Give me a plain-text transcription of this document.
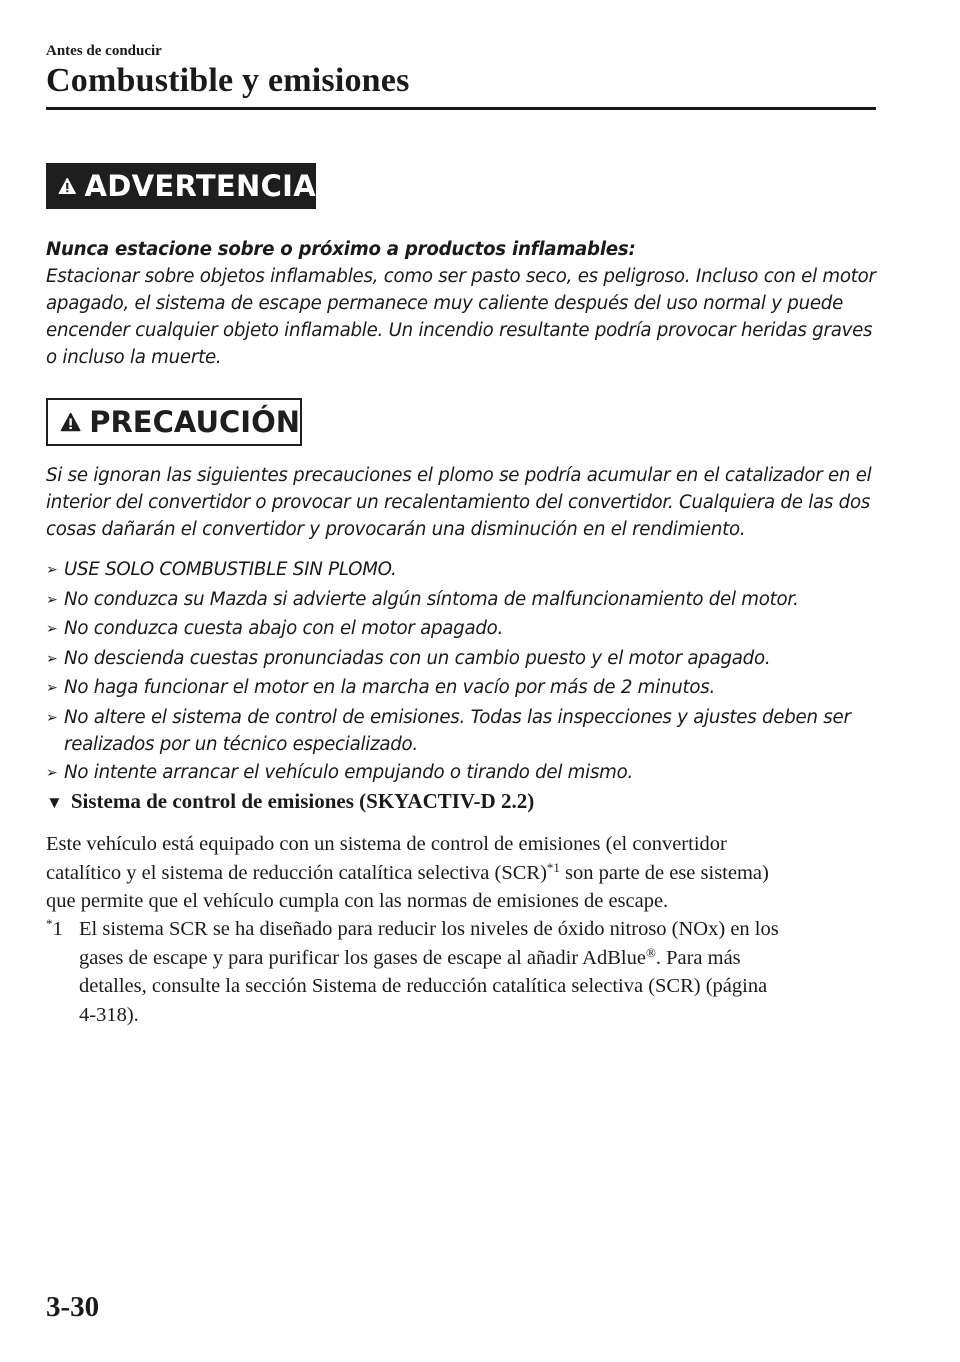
Antes de conducir
Combustible y emisiones
ADVERTENCIA
Nunca estacione sobre o próximo a productos inflamables:
Estacionar sobre objetos inflamables, como ser pasto seco, es peligroso. Incluso con el motor
apagado, el sistema de escape permanece muy caliente después del uso normal y puede
encender cualquier objeto inflamable. Un incendio resultante podría provocar heridas graves
o incluso la muerte.
PRECAUCIÓN
Si se ignoran las siguientes precauciones el plomo se podría acumular en el catalizador en el
interior del convertidor o provocar un recalentamiento del convertidor. Cualquiera de las dos
cosas dañarán el convertidor y provocarán una disminución en el rendimiento.
➢ USE SOLO COMBUSTIBLE SIN PLOMO.
➢ No conduzca su Mazda si advierte algún síntoma de malfuncionamiento del motor.
➢ No conduzca cuesta abajo con el motor apagado.
➢ No descienda cuestas pronunciadas con un cambio puesto y el motor apagado.
➢ No haga funcionar el motor en la marcha en vacío por más de 2 minutos.
➢ No altere el sistema de control de emisiones. Todas las inspecciones y ajustes deben ser realizados por un técnico especializado.
➢ No intente arrancar el vehículo empujando o tirando del mismo.
▼ Sistema de control de emisiones (SKYACTIV-D 2.2)
Este vehículo está equipado con un sistema de control de emisiones (el convertidor
catalítico y el sistema de reducción catalítica selectiva (SCR)$^{*1}$ son parte de ese sistema)
que permite que el vehículo cumpla con las normas de emisiones de escape.
*1 El sistema SCR se ha diseñado para reducir los niveles de óxido nitroso (NOx) en los
gases de escape y para purificar los gases de escape al añadir AdBlue®. Para más
detalles, consulte la sección Sistema de reducción catalítica selectiva (SCR) (página
4-318).
3-30
